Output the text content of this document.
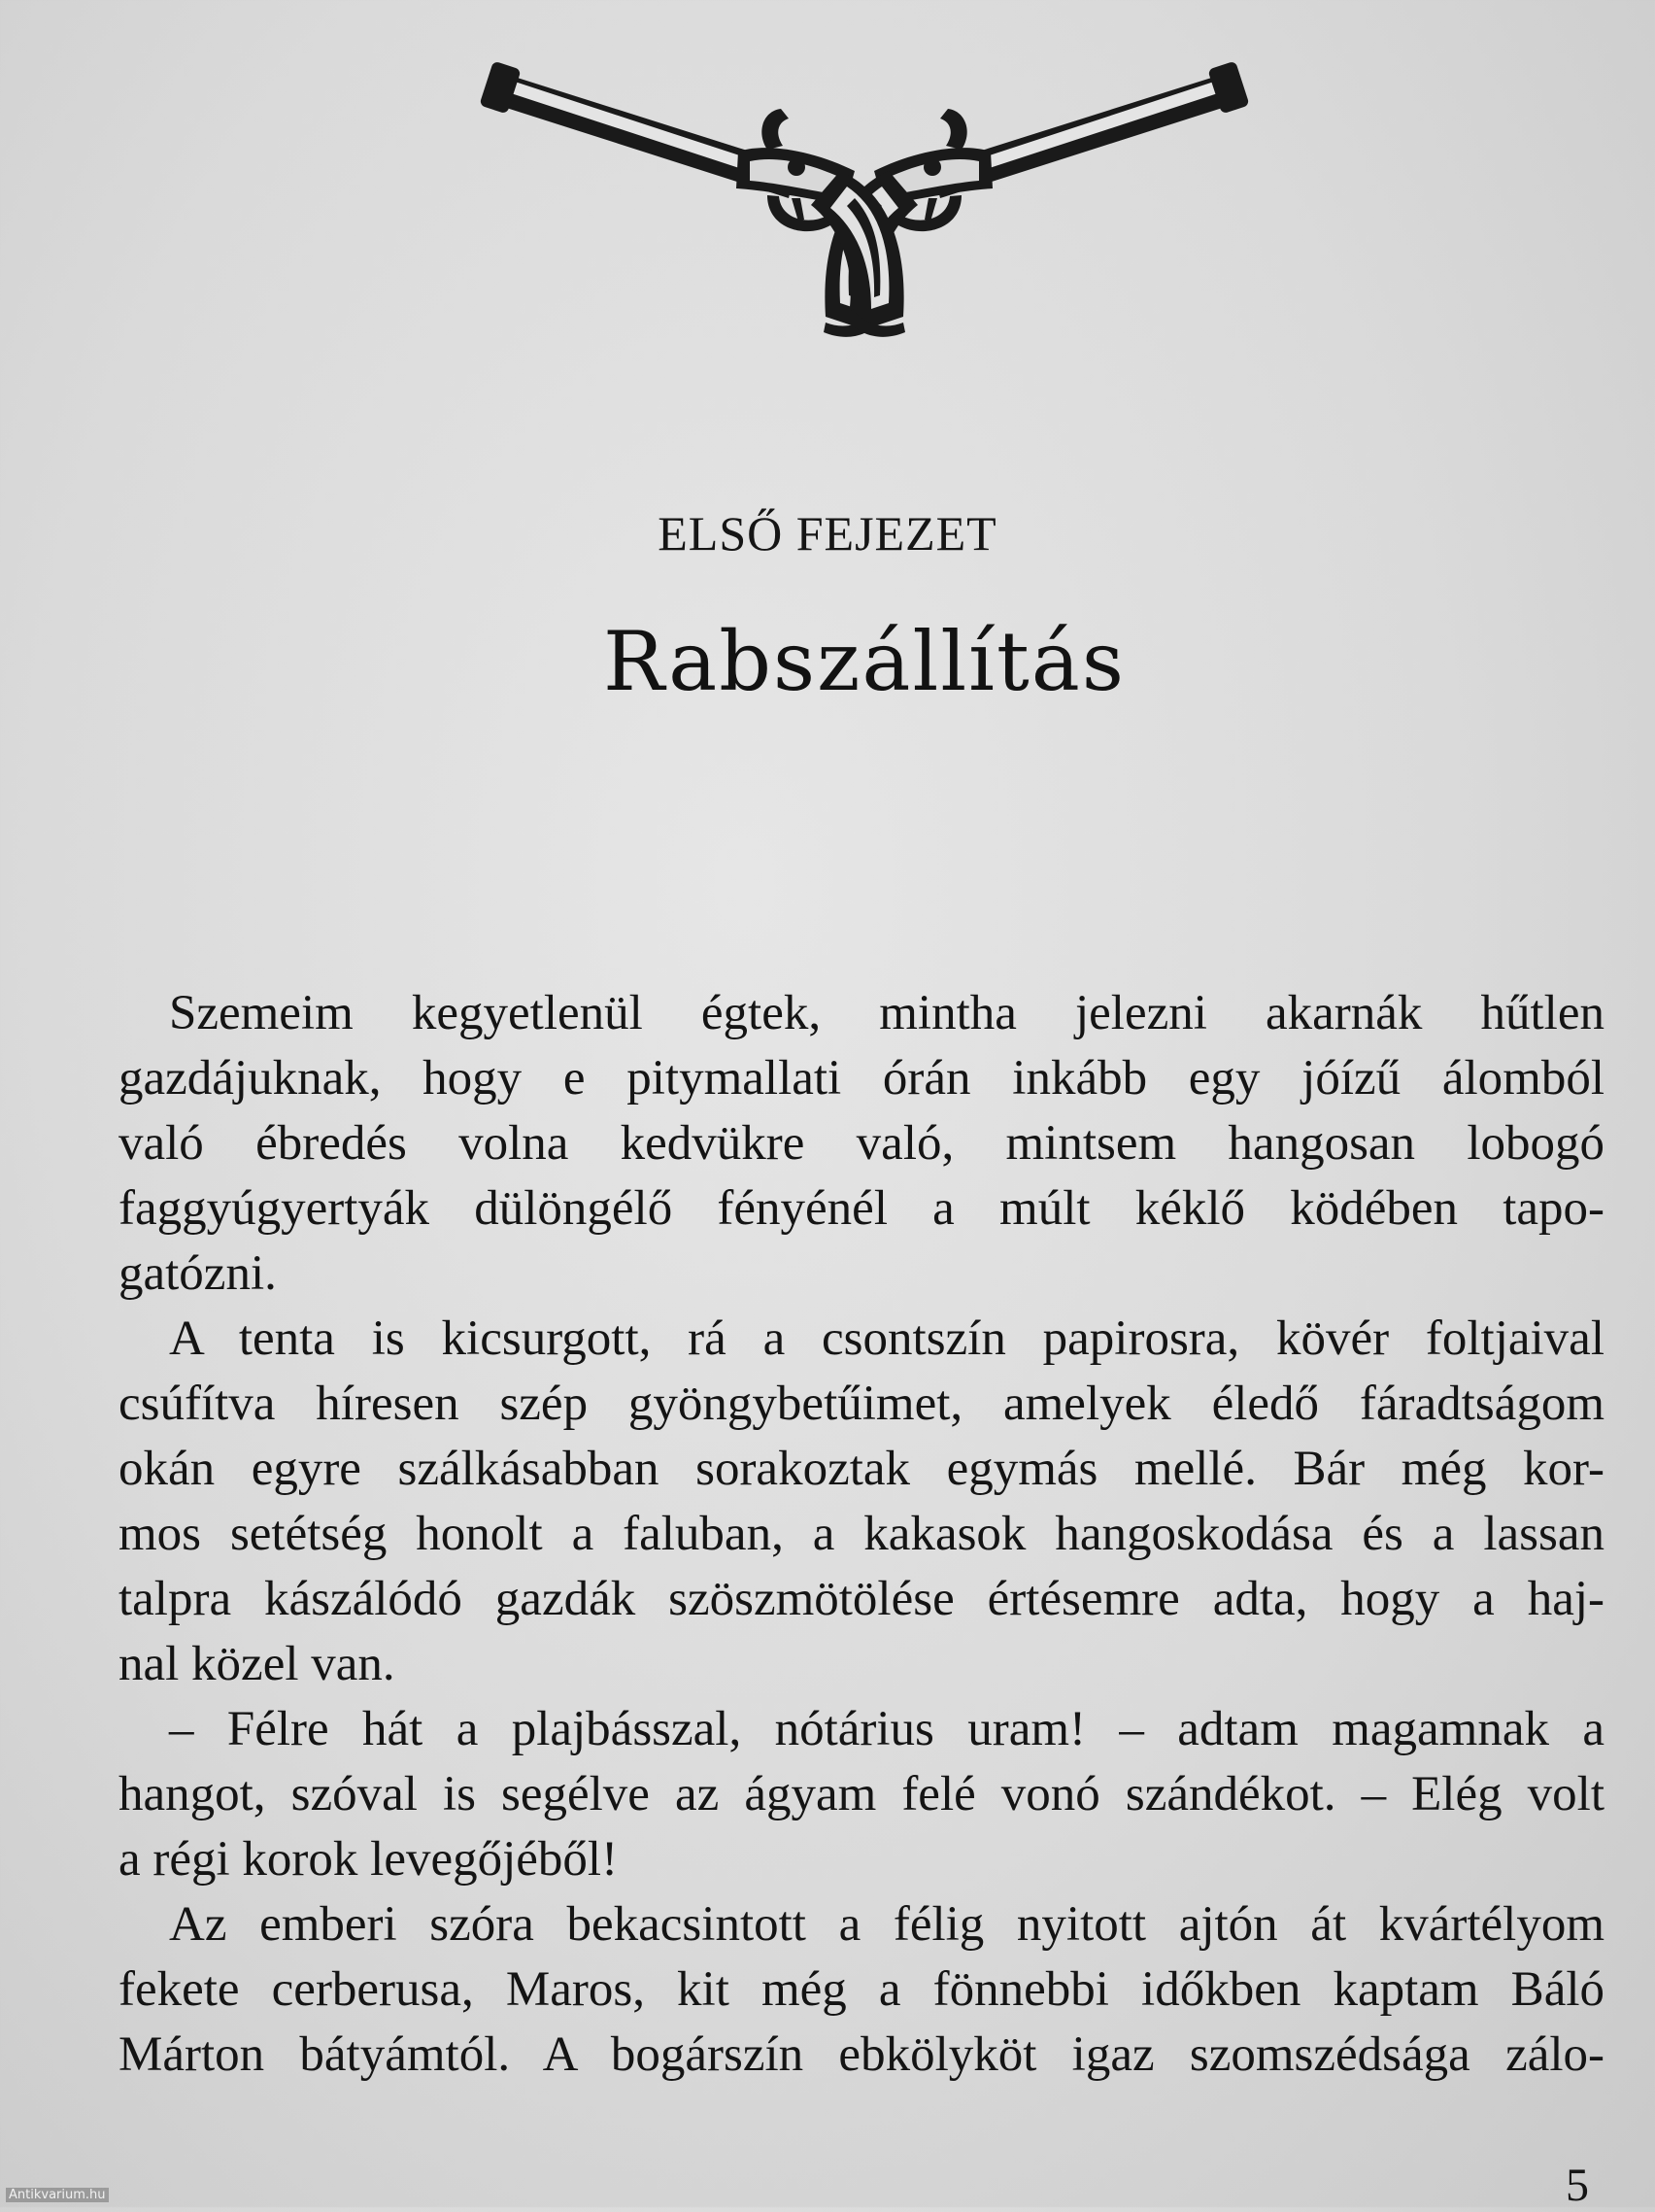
ELSŐ FEJEZET
Rabszállítás

Szemeim kegyetlenül égtek, mintha jelezni akarnák hűtlen
gazdájuknak, hogy e pitymallati órán inkább egy jóízű álomból
való ébredés volna kedvükre való, mintsem hangosan lobogó
faggyúgyertyák dülöngélő fényénél a múlt kéklő ködében tapo-
gatózni.

A tenta is kicsurgott, rá a csontszín papirosra, kövér foltjaival
csúfítva híresen szép gyöngybetűimet, amelyek éledő fáradtságom
okán egyre szálkásabban sorakoztak egymás mellé. Bár még kor-
mos setétség honolt a faluban, a kakasok hangoskodása és a lassan
talpra kászálódó gazdák szöszmötölése értésemre adta, hogy a haj-
nal közel van.

– Félre hát a plajbásszal, nótárius uram! – adtam magamnak a
hangot, szóval is segélve az ágyam felé vonó szándékot. – Elég volt
a régi korok levegőjéből!

Az emberi szóra bekacsintott a félig nyitott ajtón át kvártélyom
fekete cerberusa, Maros, kit még a fönnebbi időkben kaptam Báló
Márton bátyámtól. A bogárszín ebkölyköt igaz szomszédsága zálo-

5
Antikvarium.hu
